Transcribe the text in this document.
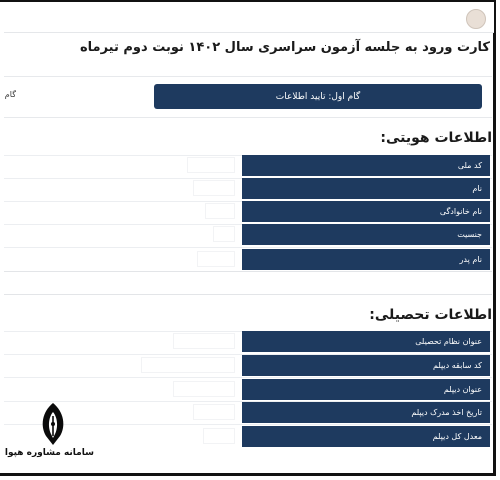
کارت ورود به جلسه آزمون سراسری سال ۱۴۰۲ نوبت دوم تیرماه
گام	گام اول: تایید اطلاعات
اطلاعات هویتی:
کد ملی
نام
نام خانوادگی
جنسیت
نام پدر
اطلاعات تحصیلی:
عنوان نظام تحصیلی
کد سابقه دیپلم
عنوان دیپلم
تاریخ اخذ مدرک دیپلم
معدل کل دیپلم
سامانه مشاوره هپوا
